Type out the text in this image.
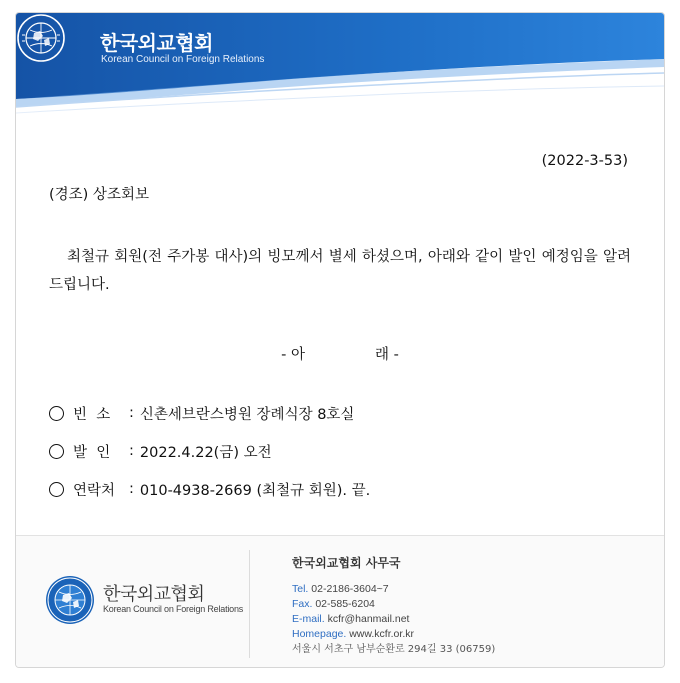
한국외교협회
Korean Council on Foreign Relations
(2022-3-53)
(경조) 상조회보
최철규 회원(전 주가봉 대사)의 빙모께서 별세 하셨으며, 아래와 같이 발인 예정임을 알려드립니다.
- 아	래 -
빈  소	: 신촌세브란스병원 장례식장 8호실
발  인	: 2022.4.22(금) 오전
연락처 : 010-4938-2669 (최철규 회원). 끝.
한국외교협회
Korean Council on Foreign Relations
한국외교협회 사무국
Tel. 02-2186-3604~7
Fax. 02-585-6204
E-mail. kcfr@hanmail.net
Homepage. www.kcfr.or.kr
서울시 서초구 남부순환로 294길 33 (06759)
